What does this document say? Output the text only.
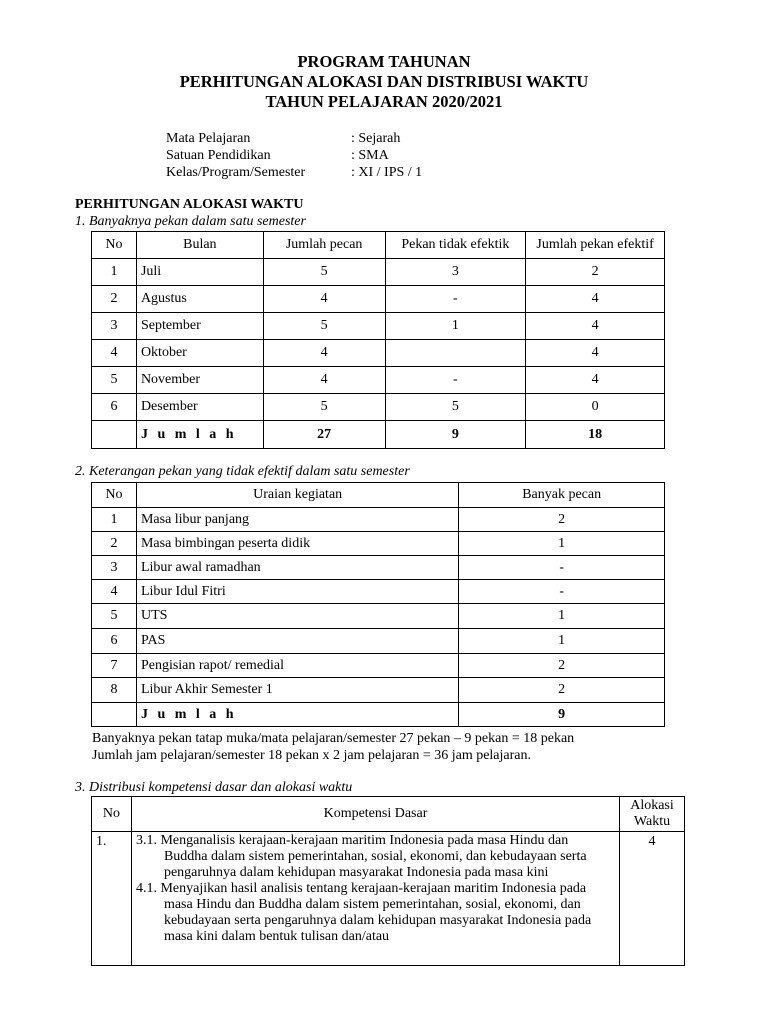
PROGRAM TAHUNAN
PERHITUNGAN ALOKASI DAN DISTRIBUSI WAKTU
TAHUN PELAJARAN 2020/2021
Mata Pelajaran	: Sejarah
Satuan Pendidikan	: SMA
Kelas/Program/Semester	: XI / IPS / 1
PERHITUNGAN ALOKASI WAKTU
1. Banyaknya pekan dalam satu semester
No	Bulan	Jumlah pecan	Pekan tidak efektik	Jumlah pekan efektif
1	Juli	5	3	2
2	Agustus	4	-	4
3	September	5	1	4
4	Oktober	4		4
5	November	4	-	4
6	Desember	5	5	0
	J u m l a h	27	9	18
2. Keterangan pekan yang tidak efektif dalam satu semester
No	Uraian kegiatan	Banyak pecan
1	Masa libur panjang	2
2	Masa bimbingan peserta didik	1
3	Libur awal ramadhan	-
4	Libur Idul Fitri	-
5	UTS	1
6	PAS	1
7	Pengisian rapot/ remedial	2
8	Libur Akhir Semester 1	2
	J u m l a h	9
Banyaknya pekan tatap muka/mata pelajaran/semester 27 pekan – 9 pekan = 18 pekan
Jumlah jam pelajaran/semester 18 pekan x 2 jam pelajaran = 36 jam pelajaran.
3. Distribusi kompetensi dasar dan alokasi waktu
No	Kompetensi Dasar	Alokasi
Waktu
1.	3.1. Menganalisis kerajaan-kerajaan maritim Indonesia pada masa Hindu dan Buddha dalam sistem pemerintahan, sosial, ekonomi, dan kebudayaan serta pengaruhnya dalam kehidupan masyarakat Indonesia pada masa kini
4.1. Menyajikan hasil analisis tentang kerajaan-kerajaan maritim Indonesia pada masa Hindu dan Buddha dalam sistem pemerintahan, sosial, ekonomi, dan kebudayaan serta pengaruhnya dalam kehidupan masyarakat Indonesia pada masa kini dalam bentuk tulisan dan/atau	4
